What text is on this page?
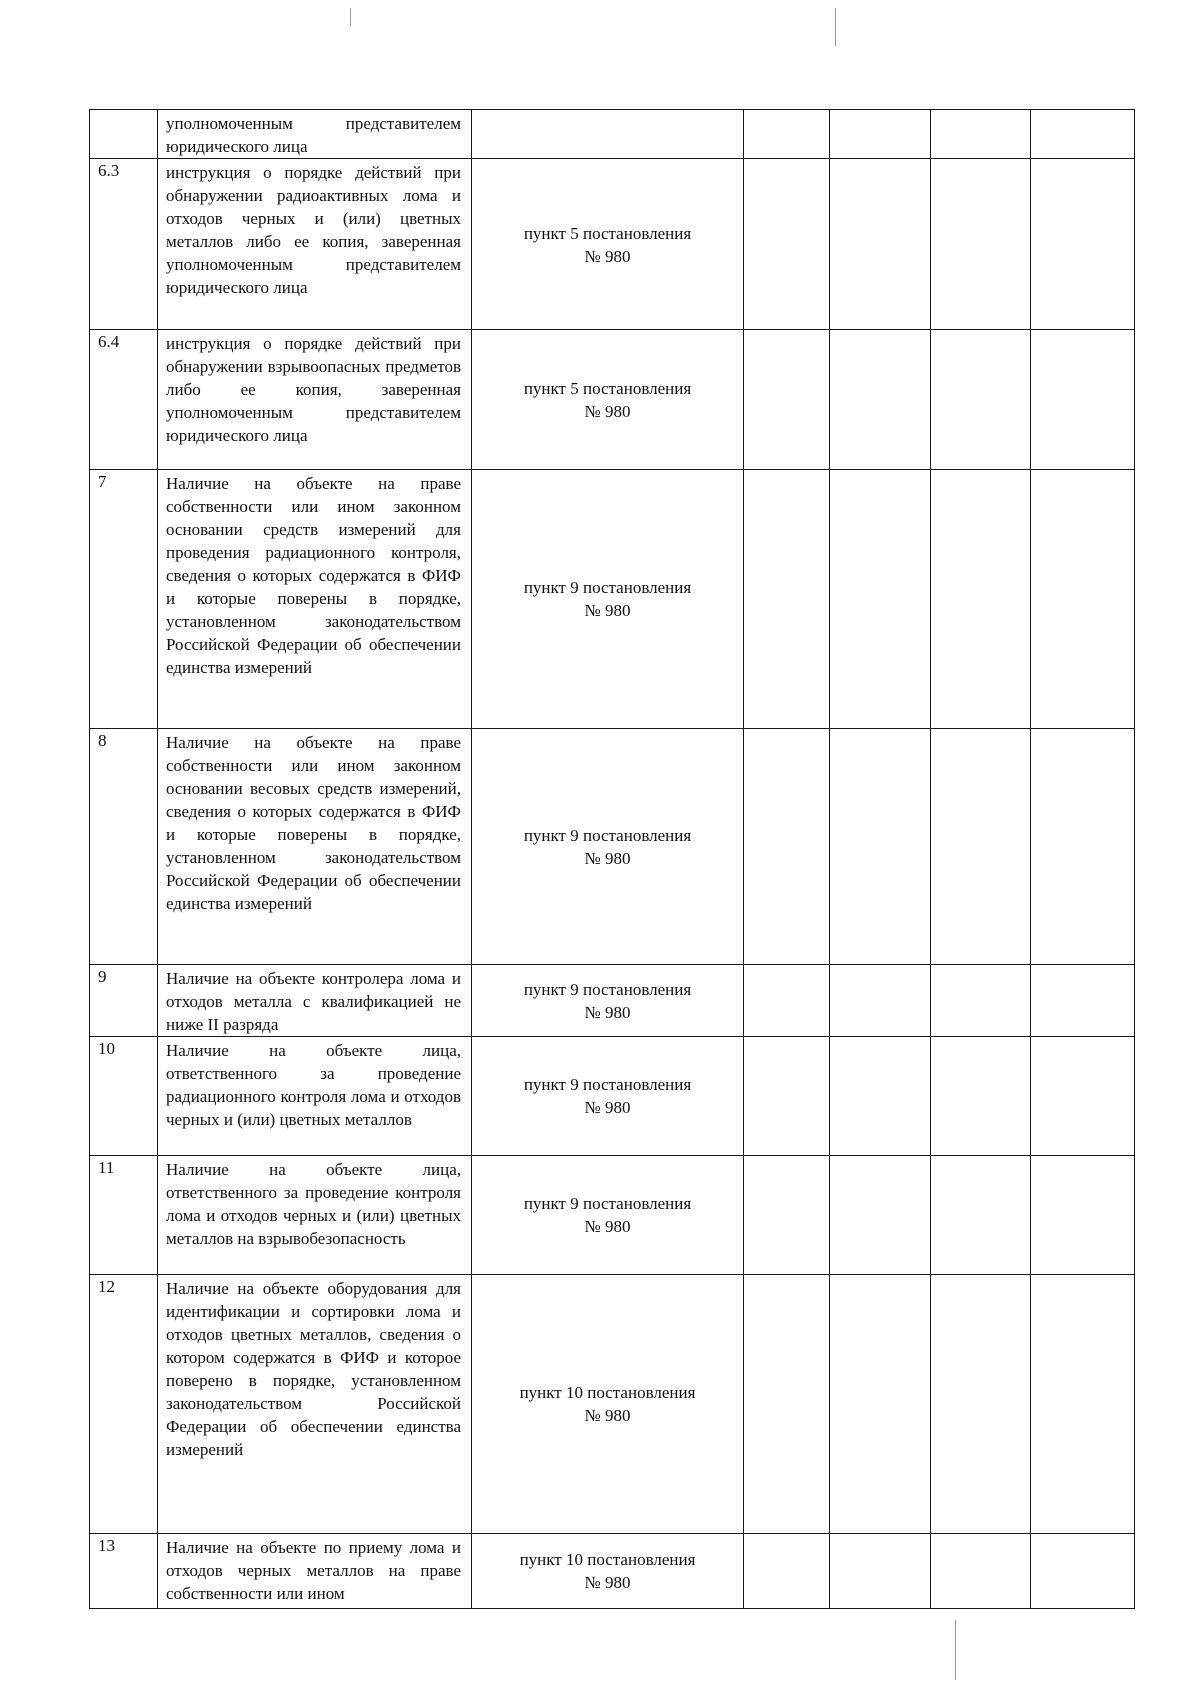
	уполномоченным представителем юридического лица	

6.3	инструкция о порядке действий при обнаружении радиоактивных лома и отходов черных и (или) цветных металлов либо ее копия, заверенная уполномоченным представителем юридического лица	пункт 5 постановления
№ 980				

6.4	инструкция о порядке действий при обнаружении взрывоопасных предметов либо ее копия, заверенная уполномоченным представителем юридического лица	пункт 5 постановления
№ 980				

7	Наличие на объекте на праве собственности или ином законном основании средств измерений для проведения радиационного контроля, сведения о которых содержатся в ФИФ и которые поверены в порядке, установленном законодательством Российской Федерации об обеспечении единства измерений	пункт 9 постановления
№ 980				

8	Наличие на объекте на праве собственности или ином законном основании весовых средств измерений, сведения о которых содержатся в ФИФ и которые поверены в порядке, установленном законодательством Российской Федерации об обеспечении единства измерений	пункт 9 постановления
№ 980				

9	Наличие на объекте контролера лома и отходов металла с квалификацией не ниже II разряда	пункт 9 постановления
№ 980				

10	Наличие на объекте лица, ответственного за проведение радиационного контроля лома и отходов черных и (или) цветных металлов	пункт 9 постановления
№ 980				

11	Наличие на объекте лица, ответственного за проведение контроля лома и отходов черных и (или) цветных металлов на взрывобезопасность	пункт 9 постановления
№ 980				

12	Наличие на объекте оборудования для идентификации и сортировки лома и отходов цветных металлов, сведения о котором содержатся в ФИФ и которое поверено в порядке, установленном законодательством Российской Федерации об обеспечении единства измерений	пункт 10 постановления
№ 980				

13	Наличие на объекте по приему лома и отходов черных металлов на праве собственности или ином	пункт 10 постановления
№ 980				
